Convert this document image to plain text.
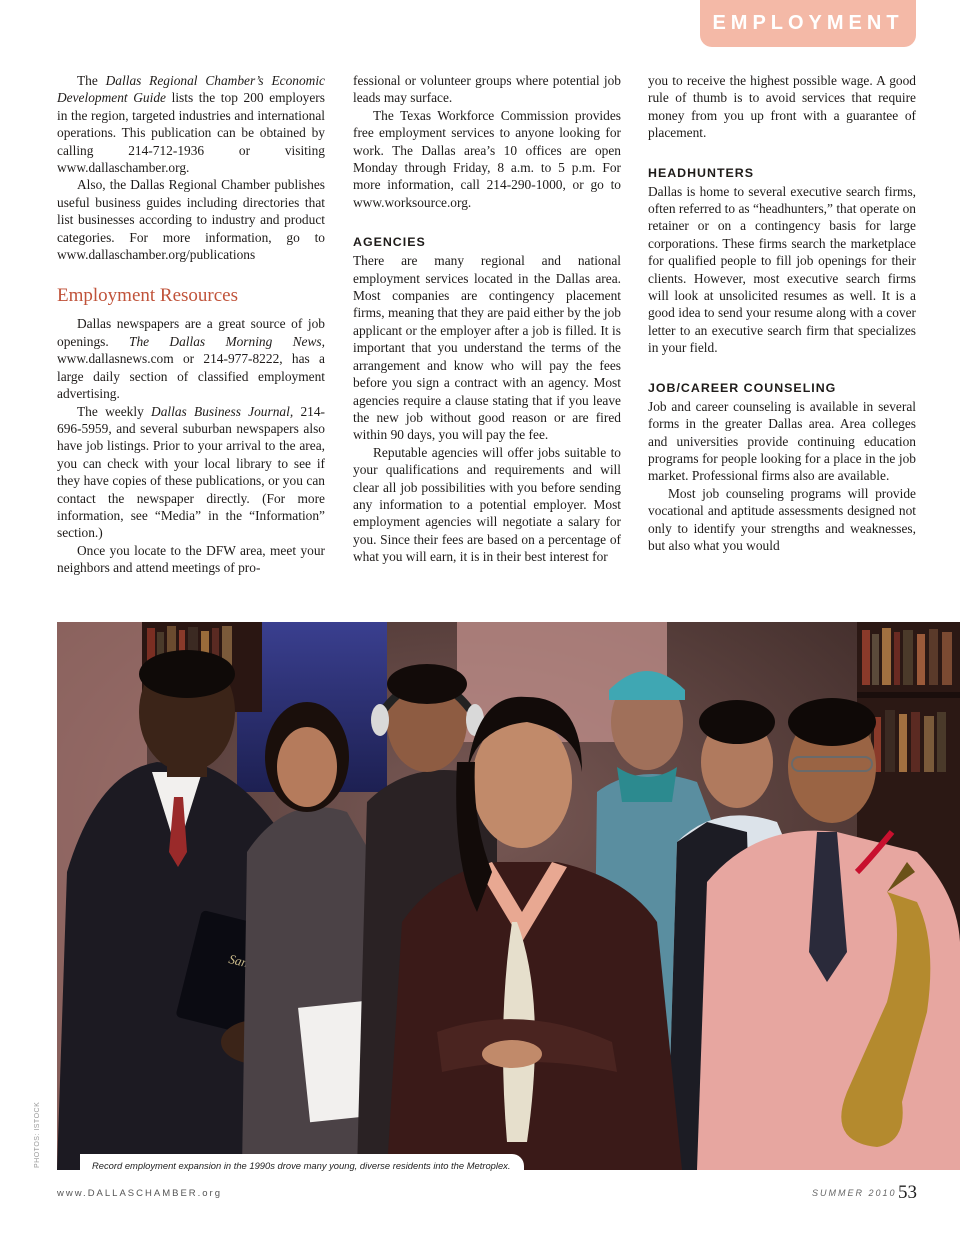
EMPLOYMENT

The Dallas Regional Chamber’s Economic Development Guide lists the top 200 employers in the region, targeted industries and international operations. This publication can be obtained by calling 214-712-1936 or visiting www.dallaschamber.org.

Also, the Dallas Regional Chamber publishes useful business guides including directories that list businesses according to industry and product categories. For more information, go to www.dallaschamber.org/publications

Employment Resources

Dallas newspapers are a great source of job openings. The Dallas Morning News, www.dallasnews.com or 214-977-8222, has a large daily section of classified employment advertising.

The weekly Dallas Business Journal, 214-696-5959, and several suburban newspapers also have job listings. Prior to your arrival to the area, you can check with your local library to see if they have copies of these publications, or you can contact the newspaper directly. (For more information, see “Media” in the “Information” section.)

Once you locate to the DFW area, meet your neighbors and attend meetings of pro-

fessional or volunteer groups where potential job leads may surface.

The Texas Workforce Commission provides free employment services to anyone looking for work. The Dallas area’s 10 offices are open Monday through Friday, 8 a.m. to 5 p.m. For more information, call 214-290-1000, or go to www.worksource.org.

AGENCIES

There are many regional and national employment services located in the Dallas area. Most companies are contingency placement firms, meaning that they are paid either by the job applicant or the employer after a job is filled. It is important that you understand the terms of the arrangement and know who will pay the fees before you sign a contract with an agency. Most agencies require a clause stating that if you leave the new job without good reason or are fired within 90 days, you will pay the fee.

Reputable agencies will offer jobs suitable to your qualifications and requirements and will clear all job possibilities with you before sending any information to a potential employer. Most employment agencies will negotiate a salary for you. Since their fees are based on a percentage of what you will earn, it is in their best interest for

you to receive the highest possible wage. A good rule of thumb is to avoid services that require money from you up front with a guarantee of placement.

HEADHUNTERS

Dallas is home to several executive search firms, often referred to as “headhunters,” that operate on retainer or on a contingency basis for large corporations. These firms search the marketplace for qualified people to fill job openings for their clients. However, most executive search firms will look at unsolicited resumes as well. It is a good idea to send your resume along with a cover letter to an executive search firm that specializes in your field.

JOB/CAREER COUNSELING

Job and career counseling is available in several forms in the greater Dallas area. Area colleges and universities provide continuing education programs for people looking for a place in the job market. Professional firms also are available.

Most job counseling programs will provide vocational and aptitude assessments designed not only to identify your strengths and weaknesses, but also what you would

Santa
Record employment expansion in the 1990s drove many young, diverse residents into the Metroplex.
PHOTOS: ISTOCK
www.DALLASCHAMBER.org	SUMMER 2010 53
